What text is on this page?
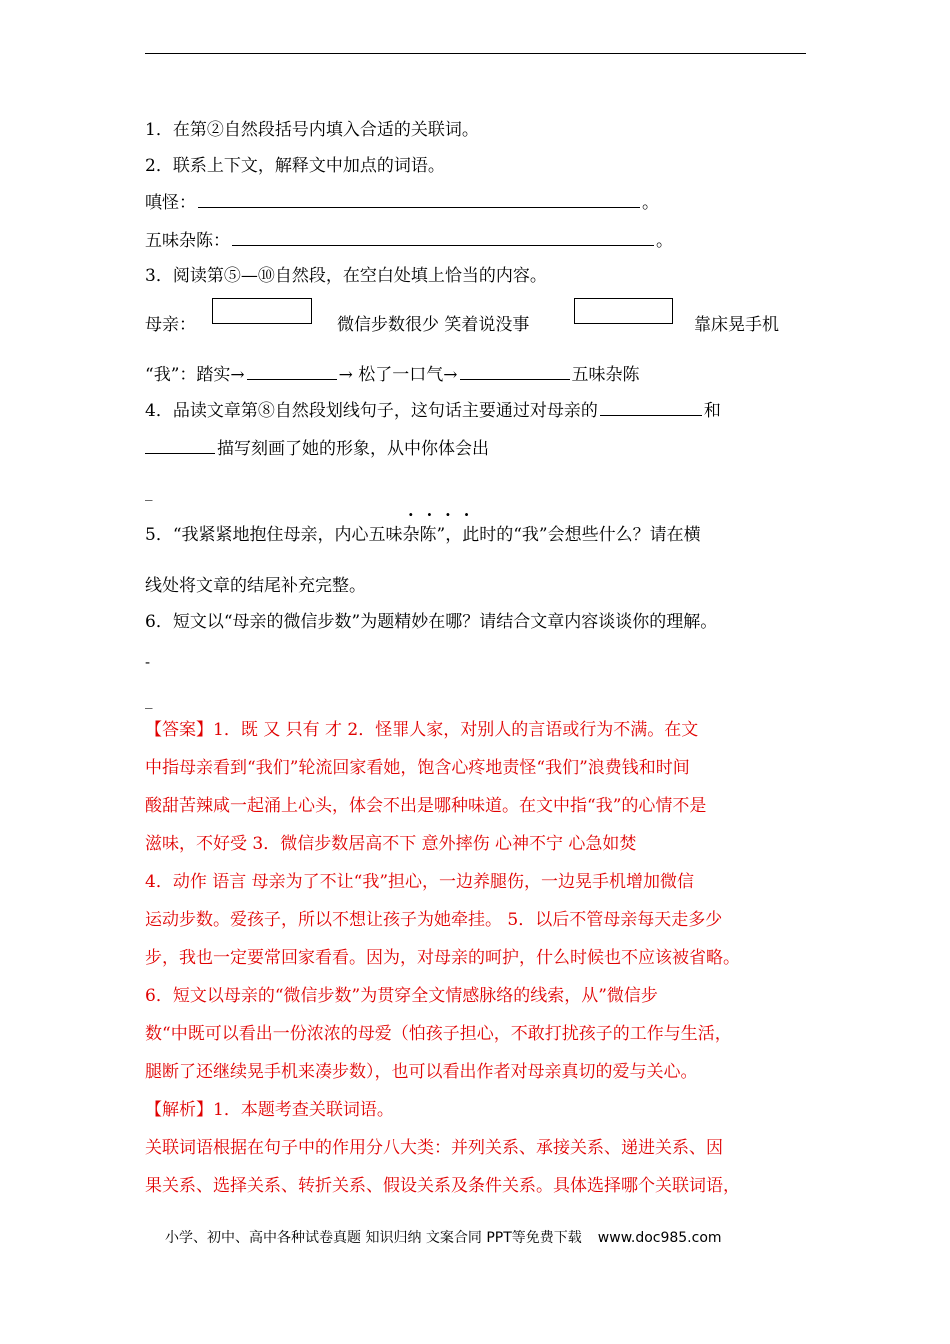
1．在第②自然段括号内填入合适的关联词。
2．联系上下文，解释文中加点的词语。
嗔怪：	。
五味杂陈：	。
3．阅读第⑤—⑩自然段，在空白处填上恰当的内容。
母亲：	微信步数很少 笑着说没事	靠床晃手机
“我”：踏实→	→ 松了一口气→	五味杂陈
4．品读文章第⑧自然段划线句子，这句话主要通过对母亲的	和
描写刻画了她的形象，从中你体会出
_
····
5．“我紧紧地抱住母亲，内心五味杂陈”，此时的“我”会想些什么？请在横
线处将文章的结尾补充完整。
6．短文以“母亲的微信步数”为题精妙在哪？请结合文章内容谈谈你的理解。
-
_
【答案】1．既 又 只有 才 2．怪罪人家，对别人的言语或行为不满。在文
中指母亲看到“我们”轮流回家看她，饱含心疼地责怪“我们”浪费钱和时间
酸甜苦辣咸一起涌上心头，体会不出是哪种味道。在文中指“我”的心情不是
滋味，不好受 3．微信步数居高不下 意外摔伤 心神不宁 心急如焚
4．动作 语言 母亲为了不让“我”担心，一边养腿伤，一边晃手机增加微信
运动步数。爱孩子，所以不想让孩子为她牵挂。 5．以后不管母亲每天走多少
步，我也一定要常回家看看。因为，对母亲的呵护，什么时候也不应该被省略。
6．短文以母亲的“微信步数”为贯穿全文情感脉络的线索，从”微信步
数“中既可以看出一份浓浓的母爱（怕孩子担心，不敢打扰孩子的工作与生活，
腿断了还继续晃手机来凑步数），也可以看出作者对母亲真切的爱与关心。
【解析】1．本题考查关联词语。
关联词语根据在句子中的作用分八大类：并列关系、承接关系、递进关系、因
果关系、选择关系、转折关系、假设关系及条件关系。具体选择哪个关联词语，
小学、初中、高中各种试卷真题 知识归纳 文案合同 PPT等免费下载 www.doc985.com
